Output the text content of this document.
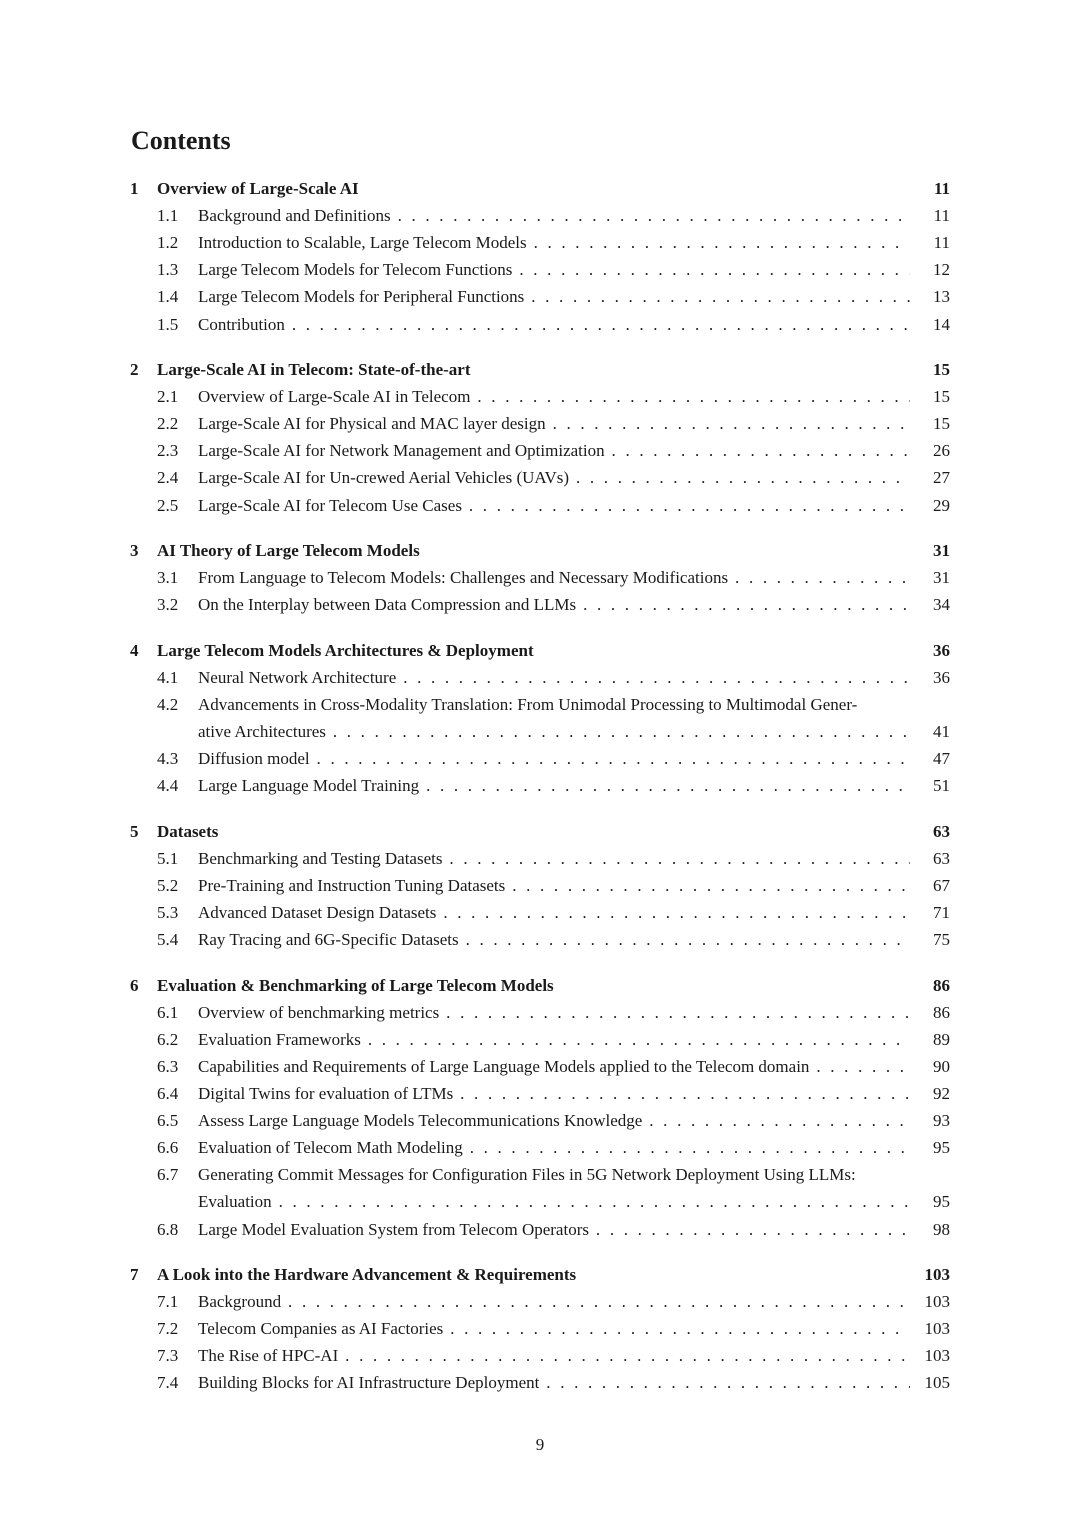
Contents
1	Overview of Large-Scale AI	11
1.1	Background and Definitions . . .	11
1.2	Introduction to Scalable, Large Telecom Models . . .	11
1.3	Large Telecom Models for Telecom Functions . . .	12
1.4	Large Telecom Models for Peripheral Functions . . .	13
1.5	Contribution . . .	14
2	Large-Scale AI in Telecom: State-of-the-art	15
2.1	Overview of Large-Scale AI in Telecom . . .	15
2.2	Large-Scale AI for Physical and MAC layer design . . .	15
2.3	Large-Scale AI for Network Management and Optimization . . .	26
2.4	Large-Scale AI for Un-crewed Aerial Vehicles (UAVs) . . .	27
2.5	Large-Scale AI for Telecom Use Cases . . .	29
3	AI Theory of Large Telecom Models	31
3.1	From Language to Telecom Models: Challenges and Necessary Modifications . . .	31
3.2	On the Interplay between Data Compression and LLMs . . .	34
4	Large Telecom Models Architectures & Deployment	36
4.1	Neural Network Architecture . . .	36
4.2	Advancements in Cross-Modality Translation: From Unimodal Processing to Multimodal Gener-
ative Architectures . . .	41
4.3	Diffusion model . . .	47
4.4	Large Language Model Training . . .	51
5	Datasets	63
5.1	Benchmarking and Testing Datasets . . .	63
5.2	Pre-Training and Instruction Tuning Datasets . . .	67
5.3	Advanced Dataset Design Datasets . . .	71
5.4	Ray Tracing and 6G-Specific Datasets . . .	75
6	Evaluation & Benchmarking of Large Telecom Models	86
6.1	Overview of benchmarking metrics . . .	86
6.2	Evaluation Frameworks . . .	89
6.3	Capabilities and Requirements of Large Language Models applied to the Telecom domain . . .	90
6.4	Digital Twins for evaluation of LTMs . . .	92
6.5	Assess Large Language Models Telecommunications Knowledge . . .	93
6.6	Evaluation of Telecom Math Modeling . . .	95
6.7	Generating Commit Messages for Configuration Files in 5G Network Deployment Using LLMs:
Evaluation . . .	95
6.8	Large Model Evaluation System from Telecom Operators . . .	98
7	A Look into the Hardware Advancement & Requirements	103
7.1	Background . . .	103
7.2	Telecom Companies as AI Factories . . .	103
7.3	The Rise of HPC-AI . . .	103
7.4	Building Blocks for AI Infrastructure Deployment . . .	105
9
